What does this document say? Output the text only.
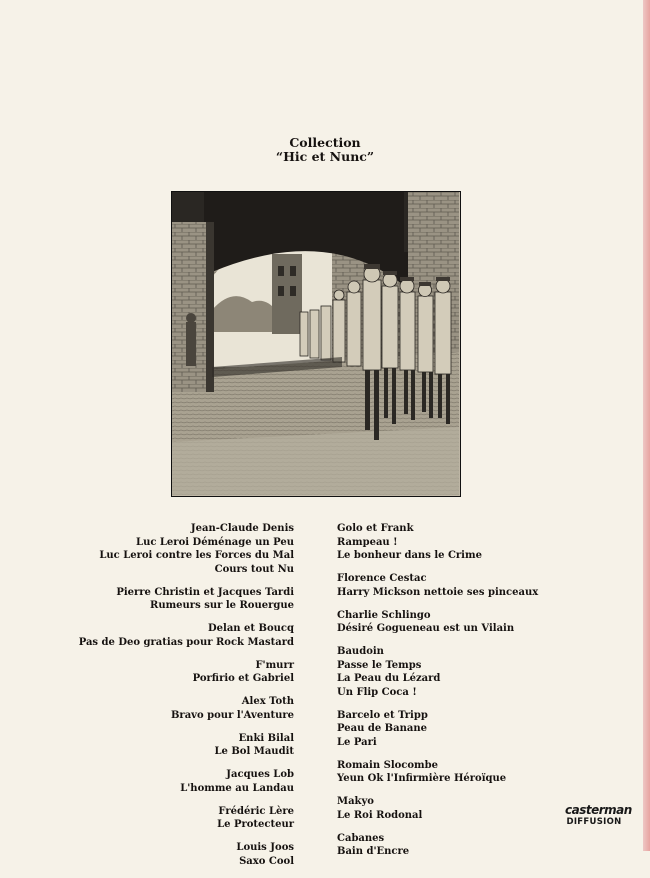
Collection
“Hic et Nunc”
Jean-Claude Denis
Luc Leroi Déménage un Peu
Luc Leroi contre les Forces du Mal
Cours tout Nu
Pierre Christin et Jacques Tardi
Rumeurs sur le Rouergue
Delan et Boucq
Pas de Deo gratias pour Rock Mastard
F'murr
Porfirio et Gabriel
Alex Toth
Bravo pour l'Aventure
Enki Bilal
Le Bol Maudit
Jacques Lob
L'homme au Landau
Frédéric Lère
Le Protecteur
Louis Joos
Saxo Cool
Golo et Frank
Rampeau !
Le bonheur dans le Crime
Florence Cestac
Harry Mickson nettoie ses pinceaux
Charlie Schlingo
Désiré Gogueneau est un Vilain
Baudoin
Passe le Temps
La Peau du Lézard
Un Flip Coca !
Barcelo et Tripp
Peau de Banane
Le Pari
Romain Slocombe
Yeun Ok l'Infirmière Héroïque
Makyo
Le Roi Rodonal
Cabanes
Bain d'Encre
casterman
DIFFUSION
